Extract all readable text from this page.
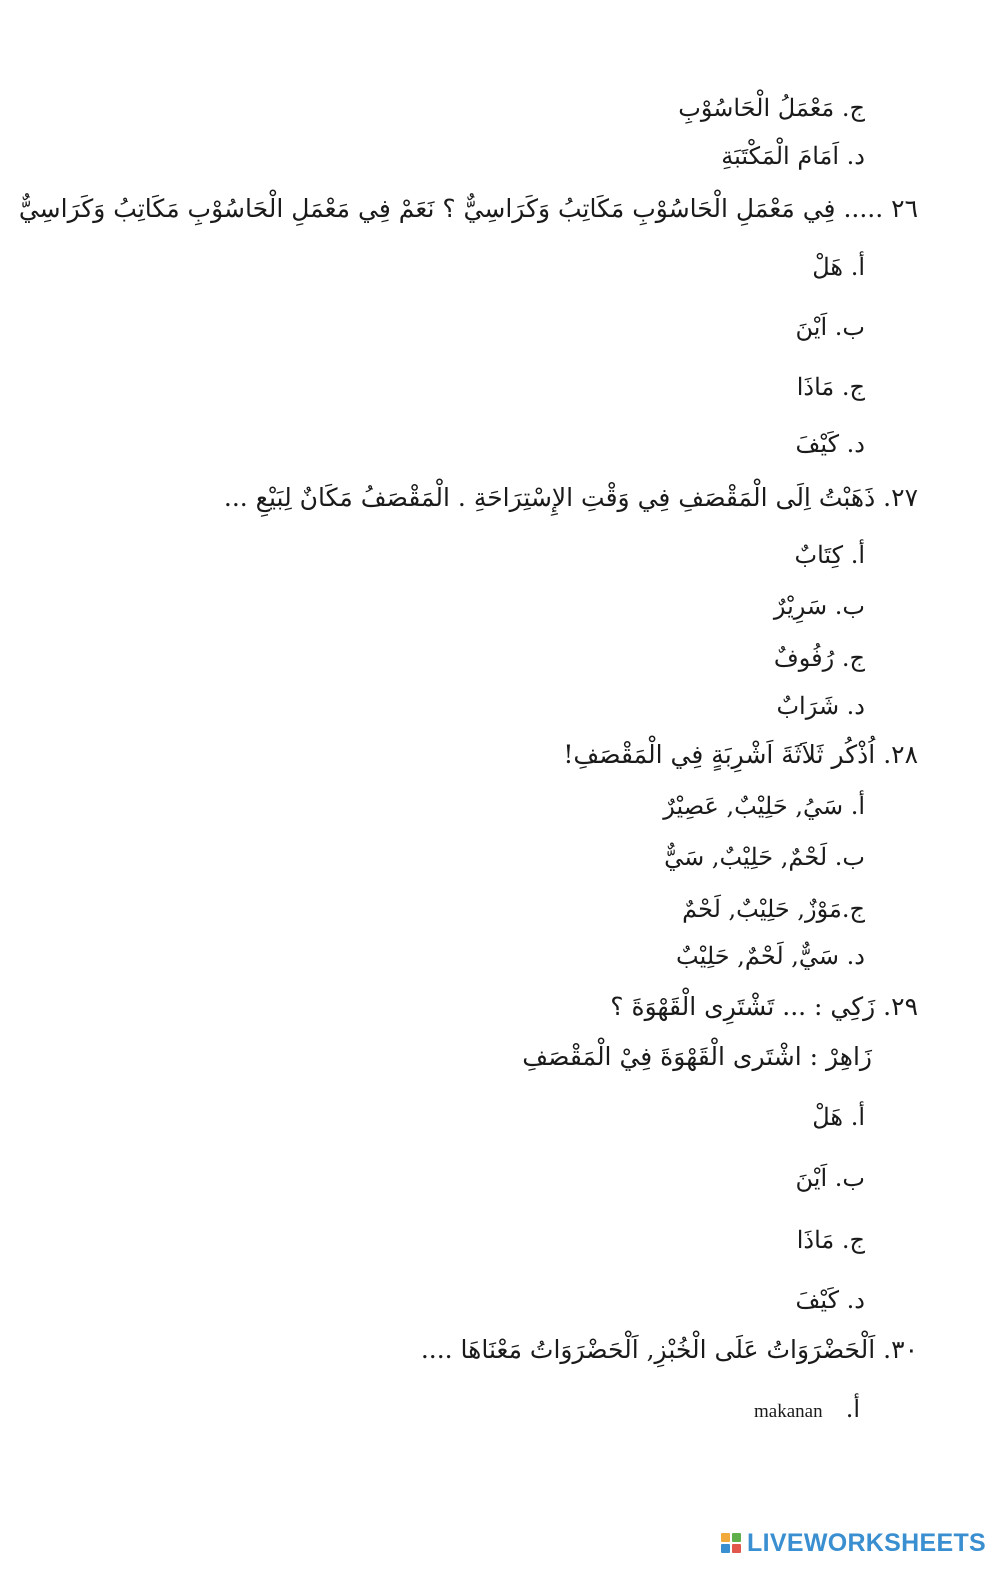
ج. مَعْمَلُ الْحَاسُوْبِ
د. اَمَامَ الْمَكْتَبَةِ
٢٦ ..... فِي مَعْمَلِ الْحَاسُوْبِ مَكَاتِبُ وَكَرَاسِيٌّ ؟ نَعَمْ فِي مَعْمَلِ الْحَاسُوْبِ مَكَاتِبُ وَكَرَاسِيٌّ
أ. هَلْ
ب. اَيْنَ
ج. مَاذَا
د. كَيْفَ
٢٧. ذَهَبْتُ اِلَى الْمَقْصَفِ فِي وَقْتِ الإِسْتِرَاحَةِ . الْمَقْصَفُ مَكَانٌ لِبَيْعِ ...
أ. كِتَابٌ
ب. سَرِيْرٌ
ج. رُفُوفٌ
د. شَرَابٌ
٢٨. اُذْكُر ثَلاَثَةَ اَشْرِبَةٍ فِي الْمَقْصَفِ!
أ. سَيُ, حَلِيْبٌ, عَصِيْرٌ
ب. لَحْمٌ, حَلِيْبٌ, سَيٌّ
ج.مَوْزٌ, حَلِيْبٌ, لَحْمٌ
د. سَيٌّ, لَحْمٌ, حَلِيْبٌ
٢٩. زَكِي : ... تَشْتَرِى الْقَهْوَةَ ؟
زَاهِرْ : اشْتَرى الْقَهْوَةَ فِيْ الْمَقْصَفِ
أ. هَلْ
ب. اَيْنَ
ج. مَاذَا
د. كَيْفَ
٣٠. اَلْحَضْرَوَاتُ عَلَى الْخُبْزِ, اَلْحَضْرَوَاتُ مَعْنَاهَا ....
makanan أ.
LIVEWORKSHEETS
